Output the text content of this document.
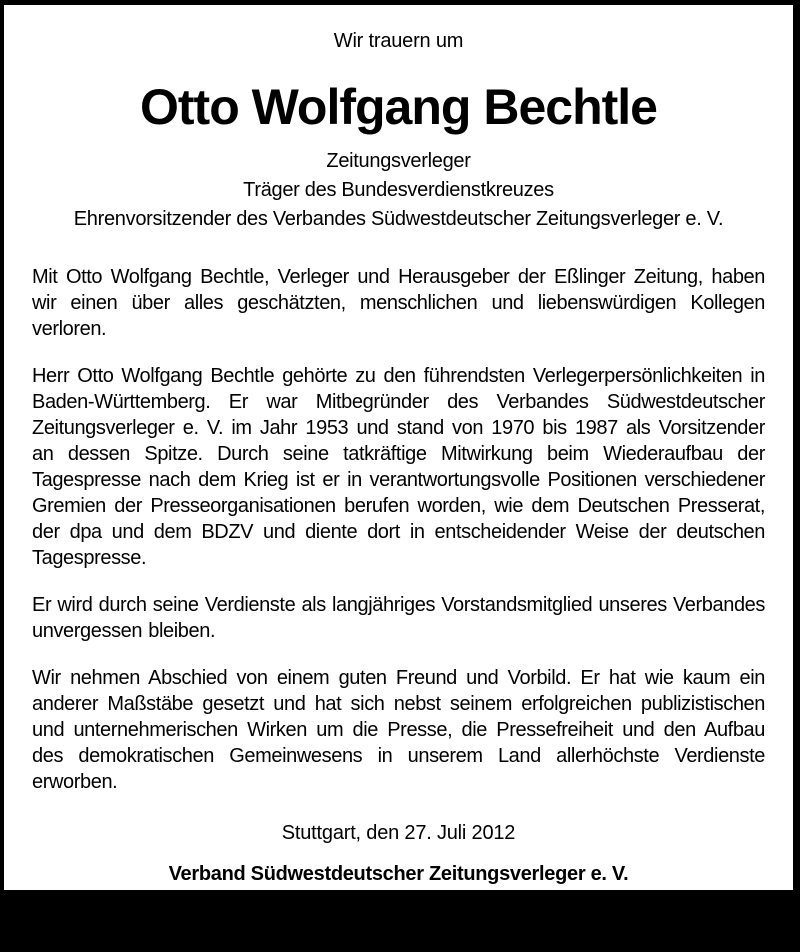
Wir trauern um

Otto Wolfgang Bechtle

Zeitungsverleger

Träger des Bundesverdienstkreuzes

Ehrenvorsitzender des Verbandes Südwestdeutscher Zeitungsverleger e. V.

Mit Otto Wolfgang Bechtle, Verleger und Herausgeber der Eßlinger Zeitung, haben wir einen über alles geschätzten, menschlichen und liebenswürdigen Kollegen verloren.

Herr Otto Wolfgang Bechtle gehörte zu den führendsten Verlegerpersönlichkeiten in Baden-Württemberg. Er war Mitbegründer des Verbandes Südwestdeutscher Zeitungsverleger e. V. im Jahr 1953 und stand von 1970 bis 1987 als Vorsitzender an dessen Spitze. Durch seine tatkräftige Mitwirkung beim Wiederaufbau der Tagespresse nach dem Krieg ist er in verantwortungsvolle Positionen verschiedener Gremien der Presseorganisationen berufen worden, wie dem Deutschen Presserat, der dpa und dem BDZV und diente dort in entscheidender Weise der deutschen Tagespresse.

Er wird durch seine Verdienste als langjähriges Vorstandsmitglied unseres Verbandes unvergessen bleiben.

Wir nehmen Abschied von einem guten Freund und Vorbild. Er hat wie kaum ein anderer Maßstäbe gesetzt und hat sich nebst seinem erfolgreichen publizistischen und unternehmerischen Wirken um die Presse, die Pressefreiheit und den Aufbau des demokratischen Gemeinwesens in unserem Land allerhöchste Verdienste erworben.

Stuttgart, den 27. Juli 2012

Verband Südwestdeutscher Zeitungsverleger e. V.

Valdo Lehari jun.

Vorsitzender

Stephan Bourauel

Geschäftsführer
